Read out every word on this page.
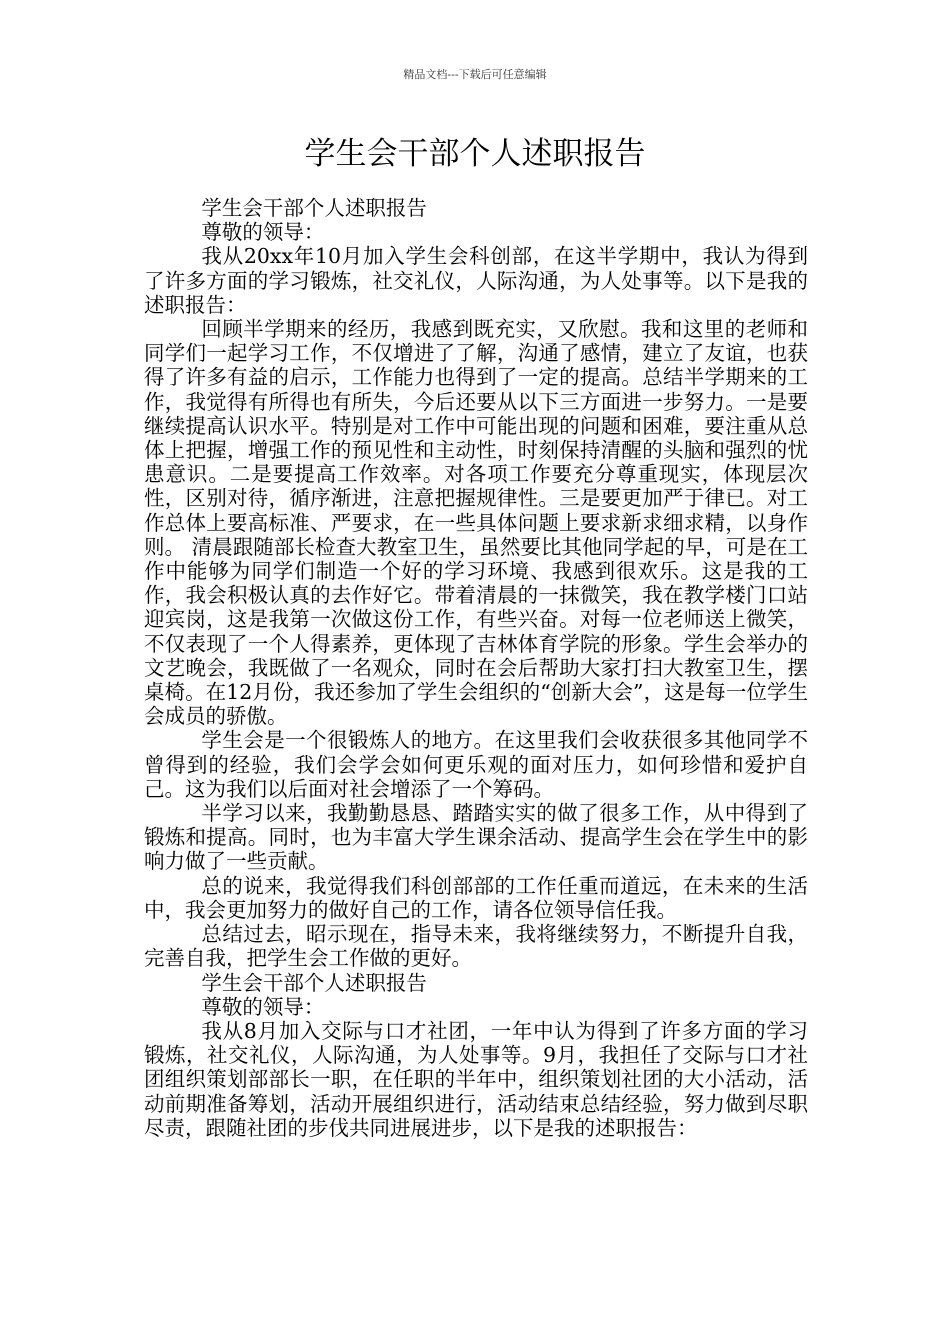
精品文档---下载后可任意编辑
学生会干部个人述职报告

学生会干部个人述职报告

尊敬的领导：

我从20xx年10月加入学生会科创部，在这半学期中，我认为得到了许多方面的学习锻炼，社交礼仪，人际沟通，为人处事等。以下是我的述职报告：

回顾半学期来的经历，我感到既充实，又欣慰。我和这里的老师和同学们一起学习工作，不仅增进了了解，沟通了感情，建立了友谊，也获得了许多有益的启示，工作能力也得到了一定的提高。总结半学期来的工作，我觉得有所得也有所失，今后还要从以下三方面进一步努力。一是要继续提高认识水平。特别是对工作中可能出现的问题和困难，要注重从总体上把握，增强工作的预见性和主动性，时刻保持清醒的头脑和强烈的忧患意识。二是要提高工作效率。对各项工作要充分尊重现实，体现层次性，区别对待，循序渐进，注意把握规律性。三是要更加严于律已。对工作总体上要高标准、严要求，在一些具体问题上要求新求细求精，以身作则。 清晨跟随部长检查大教室卫生，虽然要比其他同学起的早，可是在工作中能够为同学们制造一个好的学习环境、我感到很欢乐。这是我的工作，我会积极认真的去作好它。带着清晨的一抹微笑，我在教学楼门口站迎宾岗，这是我第一次做这份工作，有些兴奋。对每一位老师送上微笑，不仅表现了一个人得素养，更体现了吉林体育学院的形象。学生会举办的文艺晚会，我既做了一名观众，同时在会后帮助大家打扫大教室卫生，摆桌椅。在12月份，我还参加了学生会组织的“创新大会”，这是每一位学生会成员的骄傲。

学生会是一个很锻炼人的地方。在这里我们会收获很多其他同学不曾得到的经验，我们会学会如何更乐观的面对压力，如何珍惜和爱护自己。这为我们以后面对社会增添了一个筹码。

半学习以来，我勤勤恳恳、踏踏实实的做了很多工作，从中得到了锻炼和提高。同时，也为丰富大学生课余活动、提高学生会在学生中的影响力做了一些贡献。

总的说来，我觉得我们科创部部的工作任重而道远，在未来的生活中，我会更加努力的做好自己的工作，请各位领导信任我。

总结过去，昭示现在，指导未来，我将继续努力，不断提升自我，完善自我，把学生会工作做的更好。

学生会干部个人述职报告

尊敬的领导：

我从8月加入交际与口才社团，一年中认为得到了许多方面的学习锻炼，社交礼仪，人际沟通，为人处事等。9月，我担任了交际与口才社团组织策划部部长一职，在任职的半年中，组织策划社团的大小活动，活动前期准备筹划，活动开展组织进行，活动结束总结经验，努力做到尽职尽责，跟随社团的步伐共同进展进步，以下是我的述职报告：
